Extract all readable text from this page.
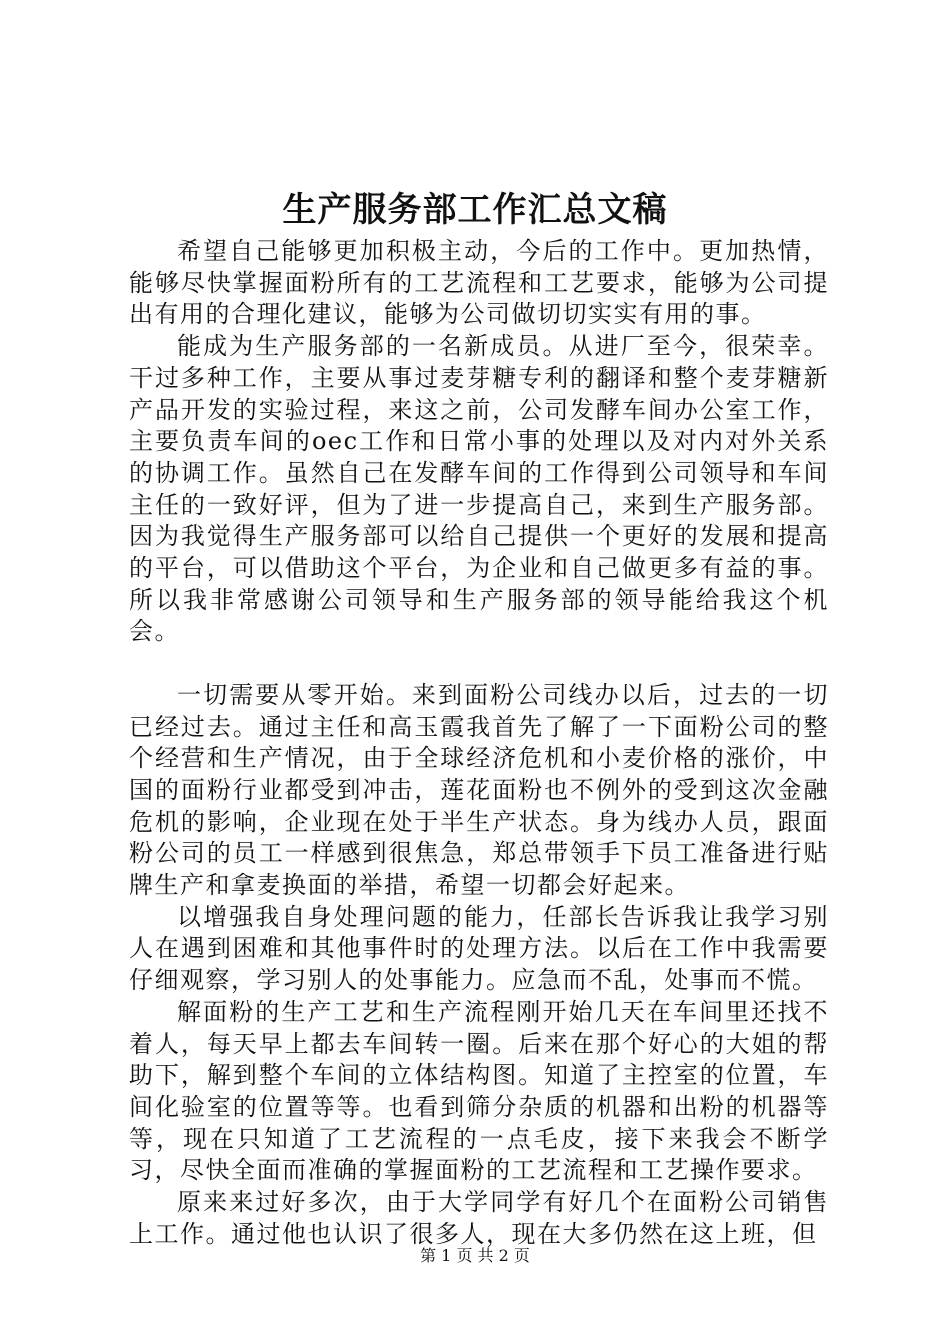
生产服务部工作汇总文稿

希望自己能够更加积极主动，今后的工作中。更加热情，能够尽快掌握面粉所有的工艺流程和工艺要求，能够为公司提出有用的合理化建议，能够为公司做切切实实有用的事。

能成为生产服务部的一名新成员。从进厂至今，很荣幸。干过多种工作，主要从事过麦芽糖专利的翻译和整个麦芽糖新产品开发的实验过程，来这之前，公司发酵车间办公室工作，主要负责车间的oec工作和日常小事的处理以及对内对外关系的协调工作。虽然自己在发酵车间的工作得到公司领导和车间主任的一致好评，但为了进一步提高自己，来到生产服务部。因为我觉得生产服务部可以给自己提供一个更好的发展和提高的平台，可以借助这个平台，为企业和自己做更多有益的事。所以我非常感谢公司领导和生产服务部的领导能给我这个机会。

一切需要从零开始。来到面粉公司线办以后，过去的一切已经过去。通过主任和高玉霞我首先了解了一下面粉公司的整个经营和生产情况，由于全球经济危机和小麦价格的涨价，中国的面粉行业都受到冲击，莲花面粉也不例外的受到这次金融危机的影响，企业现在处于半生产状态。身为线办人员，跟面粉公司的员工一样感到很焦急，郑总带领手下员工准备进行贴牌生产和拿麦换面的举措，希望一切都会好起来。

以增强我自身处理问题的能力，任部长告诉我让我学习别人在遇到困难和其他事件时的处理方法。以后在工作中我需要仔细观察，学习别人的处事能力。应急而不乱，处事而不慌。

解面粉的生产工艺和生产流程刚开始几天在车间里还找不着人，每天早上都去车间转一圈。后来在那个好心的大姐的帮助下，解到整个车间的立体结构图。知道了主控室的位置，车间化验室的位置等等。也看到筛分杂质的机器和出粉的机器等等，现在只知道了工艺流程的一点毛皮，接下来我会不断学习，尽快全面而准确的掌握面粉的工艺流程和工艺操作要求。

原来来过好多次，由于大学同学有好几个在面粉公司销售上工作。通过他也认识了很多人，现在大多仍然在这上班，但

第 1 页 共 2 页
